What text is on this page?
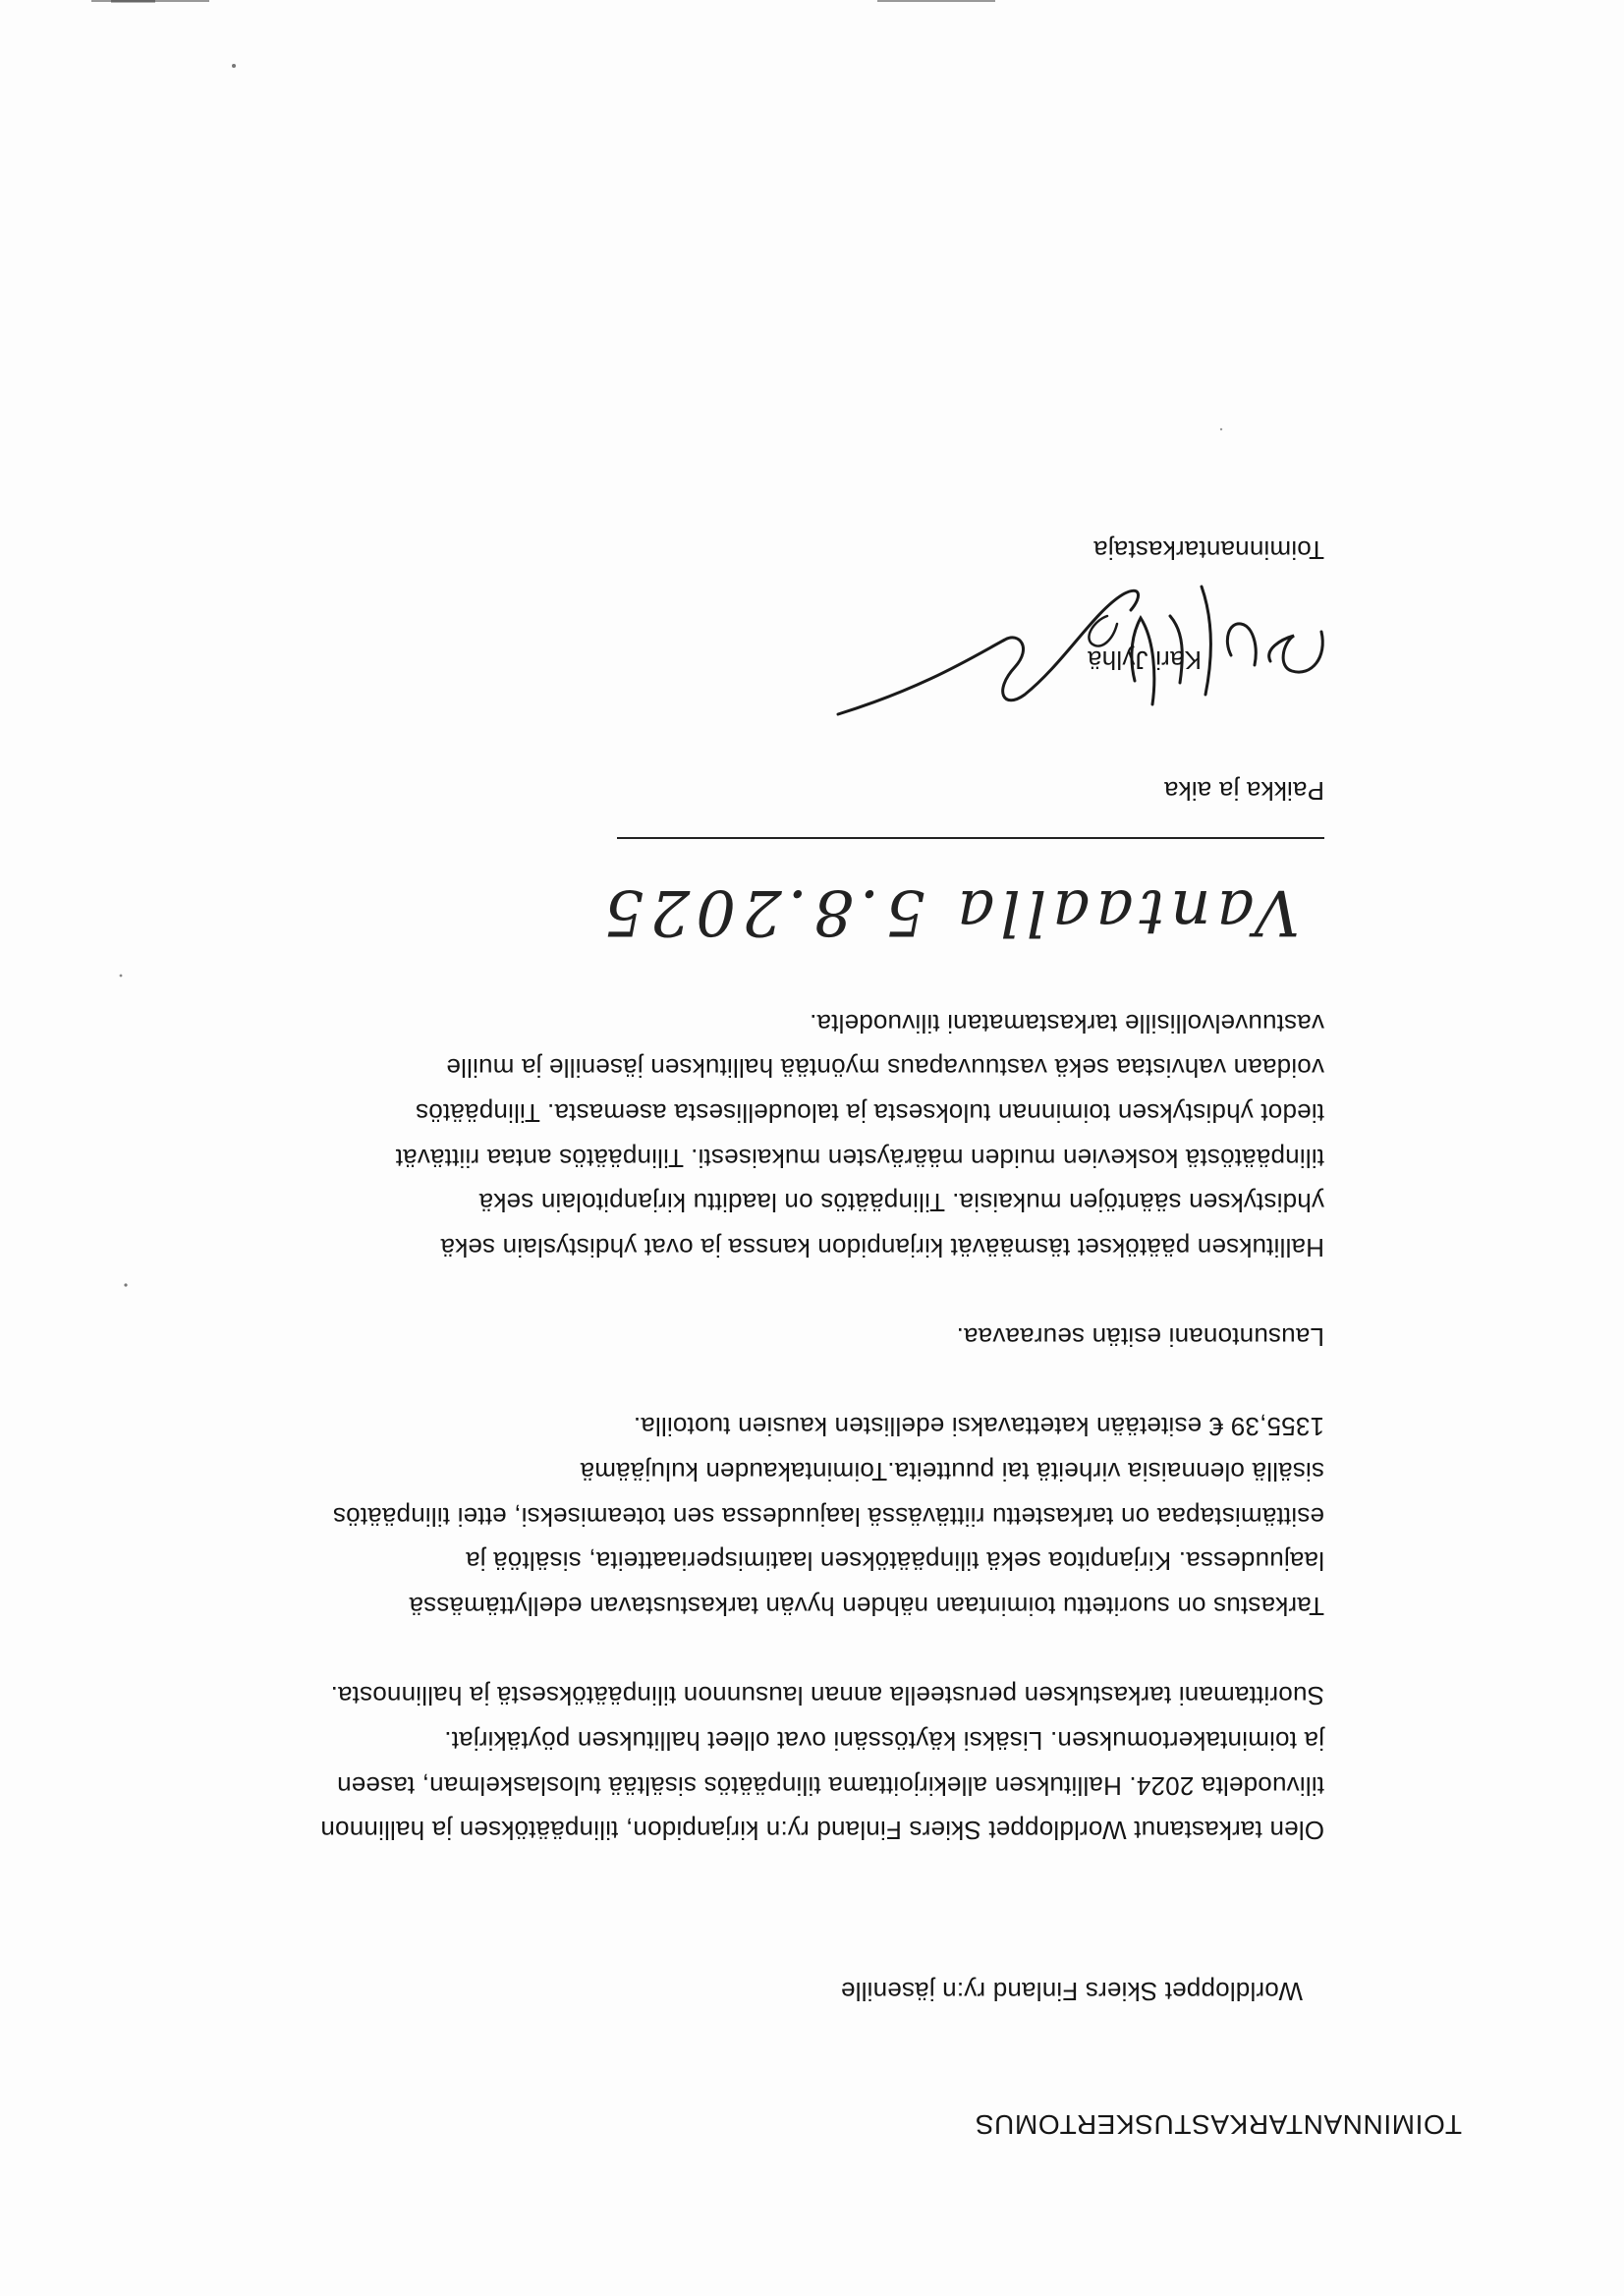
TOIMINNANTARKASTUSKERTOMUS

Worldloppet Skiers Finland ry:n jäsenille

Olen tarkastanut Worldloppet Skiers Finland ry:n kirjanpidon, tilinpäätöksen ja hallinnon

tilivuodelta 2024. Hallituksen allekirjoittama tilinpäätös sisältää tuloslaskelman, taseen

ja toimintakertomuksen. Lisäksi käytössäni ovat olleet hallituksen pöytäkirjat.

Suorittamani tarkastuksen perusteella annan lausunnon tilinpäätöksestä ja hallinnosta.

Tarkastus on suoritettu toimintaan nähden hyvän tarkastustavan edellyttämässä

laajuudessa. Kirjanpitoa sekä tilinpäätöksen laatimisperiaatteita, sisältöä ja

esittämistapaa on tarkastettu riittävässä laajuudessa sen toteamiseksi, ettei tilinpäätös

sisällä olennaisia virheitä tai puutteita.Toimintakauden kulujäämä

1355,39 € esitetään katettavaksi edellisten kausien tuotoilla.

Lausuntonani esitän seuraavaa.

Hallituksen päätökset täsmäävät kirjanpidon kanssa ja ovat yhdistyslain sekä

yhdistyksen sääntöjen mukaisia. Tilinpäätös on laadittu kirjanpitolain sekä

tilinpäätöstä koskevien muiden määräysten mukaisesti. Tilinpäätös antaa riittävät

tiedot yhdistyksen toiminnan tuloksesta ja taloudellisesta asemasta. Tilinpäätös

voidaan vahvistaa sekä vastuuvapaus myöntää hallituksen jäsenille ja muille

vastuuvelvollisille tarkastamatani tilivuodelta.

Vantaalla 5.8.2025

Paikka ja aika

Kari Jylhä

Toiminnantarkastaja
